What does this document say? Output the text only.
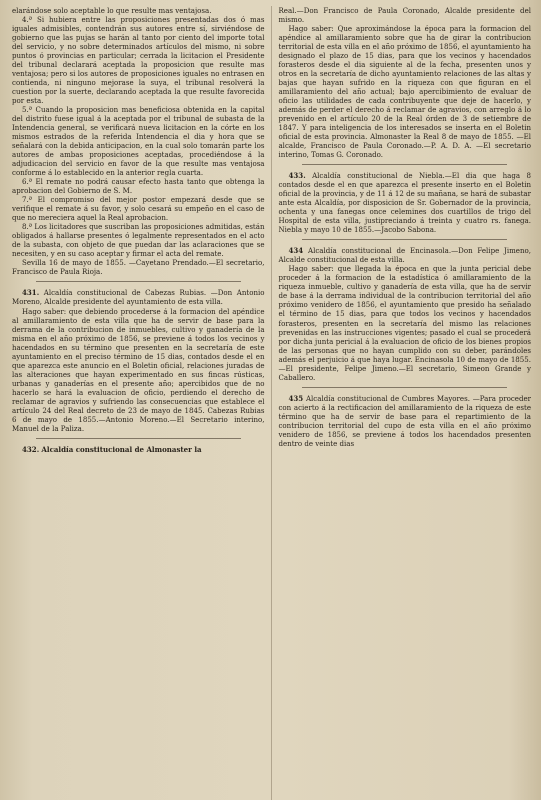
elarándose solo aceptable lo que resulte mas ventajosa.

4.ª Si hubiera entre las proposiciones presentadas dos ó mas iguales admisibles, contendrán sus autores entre sí, sirviéndose de gobierno que las pujas se harán al tanto por ciento del importe total del servicio, y no sobre determinados artículos del mismo, ni sobre puntos ó provincias en particular; cerrada la licitacion el Presidente del tribunal declarará aceptada la proposicion que resulte mas ventajosa; pero si los autores de proposiciones iguales no entrasen en contienda, ni ninguno mejorase la suya, el tribunal resolverá la cuestion por la suerte, declarando aceptada la que resulte favorecida por esta.

5.ª Cuando la proposicion mas beneficiosa obtenida en la capital del distrito fuese igual á la aceptada por el tribunal de subasta de la Intendencia general, se verificará nueva licitacion en la córte en los mismos estrados de la referida Intendencia el dia y hora que se señalará con la debida anticipacion, en la cual solo tomarán parte los autores de ambas proposiciones aceptadas, procediéndose á la adjudicacion del servicio en favor de la que resulte mas ventajosa conforme á lo establecido en la anterior regla cuarta.

6.ª El remate no podrá causar efecto hasta tanto que obtenga la aprobacion del Gobierno de S. M.

7.ª El compromiso del mejor postor empezará desde que se verifique el remate á su favor, y solo cesará su empeño en el caso de que no mereciera aquel la Real aprobacion.

8.ª Los licitadores que suscriban las proposiciones admitidas, están obligados á hallarse presentes ó legalmente representados en el acto de la subasta, con objeto de que puedan dar las aclaraciones que se necesiten, y en su caso aceptar y firmar el acta del remate.

Sevilla 16 de mayo de 1855. —Cayetano Prendado.—El secretario, Francisco de Paula Rioja.

431. Alcaldía constitucional de Cabezas Rubias. —Don Antonio Moreno, Alcalde presidente del ayuntamiento de esta villa.

Hago saber: que debiendo procederse á la formacion del apéndice al amillaramiento de esta villa que ha de servir de base para la derrama de la contribucion de inmuebles, cultivo y ganadería de la misma en el año próximo de 1856, se previene á todos los vecinos y hacendados en su término que presenten en la secretaría de este ayuntamiento en el preciso término de 15 dias, contados desde el en que aparezca este anuncio en el Boletin oficial, relaciones juradas de las alteraciones que hayan experimentado en sus fincas rústicas, urbanas y ganaderías en el presente año; apercibidos que de no hacerlo se hará la evaluacion de oficio, perdiendo el derecho de reclamar de agravios y sufriendo las consecuencias que establece el artículo 24 del Real decreto de 23 de mayo de 1845. Cabezas Rubias 6 de mayo de 1855.—Antonio Moreno.—El Secretario interino, Manuel de la Paliza.

432. Alcaldía constitucional de Almonaster la

Real.—Don Francisco de Paula Coronado, Alcalde presidente del mismo.

Hago saber: Que aproximándose la época para la formacion del apéndice al amillaramiento sobre que ha de girar la contribucion territorial de esta villa en el año próximo de 1856, el ayuntamiento ha designado el plazo de 15 dias, para que los vecinos y hacendados forasteros desde el dia siguiente al de la fecha, presenten unos y otros en la secretaría de dicho ayuntamiento relaciones de las altas y bajas que hayan sufrido en la riqueza con que figuran en el amillaramiento del año actual; bajo apercibimiento de evaluar de oficio las utilidades de cada contribuyente que deje de hacerlo, y además de perder el derecho á reclamar de agravios, con arreglo á lo prevenido en el artículo 20 de la Real órden de 3 de setiembre de 1847. Y para inteligencia de los interesados se inserta en el Boletin oficial de esta provincia. Almonaster la Real 8 de mayo de 1855. —El alcalde, Francisco de Paula Coronado.—P. A. D. A. —El secretario interino, Tomas G. Coronado.

433. Alcaldía constitucional de Niebla.—El dia que haga 8 contados desde el en que aparezca el presente inserto en el Boletin oficial de la provincia, y de 11 á 12 de su mañana, se hará de subastar ante esta Alcaldía, por disposicion de Sr. Gobernador de la provincia, ochenta y una fanegas once celemines dos cuartillos de trigo del Hospital de esta villa, justipreciando á treinta y cuatro rs. fanega. Niebla y mayo 10 de 1855.—Jacobo Sabona.

434 Alcaldía constitucional de Encinasola.—Don Felipe Jimeno, Alcalde constitucional de esta villa.

Hago saber: que llegada la época en que la junta pericial debe proceder á la formacion de la estadística ó amillaramiento de la riqueza inmueble, cultivo y ganadería de esta villa, que ha de servir de base á la derrama individual de la contribucion territorial del año próximo venidero de 1856, el ayuntamiento que presido ha señalado el término de 15 dias, para que todos los vecinos y hacendados forasteros, presenten en la secretaría del mismo las relaciones prevenidas en las instrucciones vigentes; pasado el cual se procederá por dicha junta pericial á la evaluacion de oficio de los bienes propios de las personas que no hayan cumplido con su deber, parándoles además el perjuicio á que haya lugar. Encinasola 10 de mayo de 1855.—El presidente, Felipe Jimeno.—El secretario, Simeon Grande y Caballero.

435 Alcaldía constitucional de Cumbres Mayores. —Para proceder con acierto á la rectificacion del amillaramiento de la riqueza de este término que ha de servir de base para el repartimiento de la contribucion territorial del cupo de esta villa en el año próximo venidero de 1856, se previene á todos los hacendados presenten dentro de veinte dias
